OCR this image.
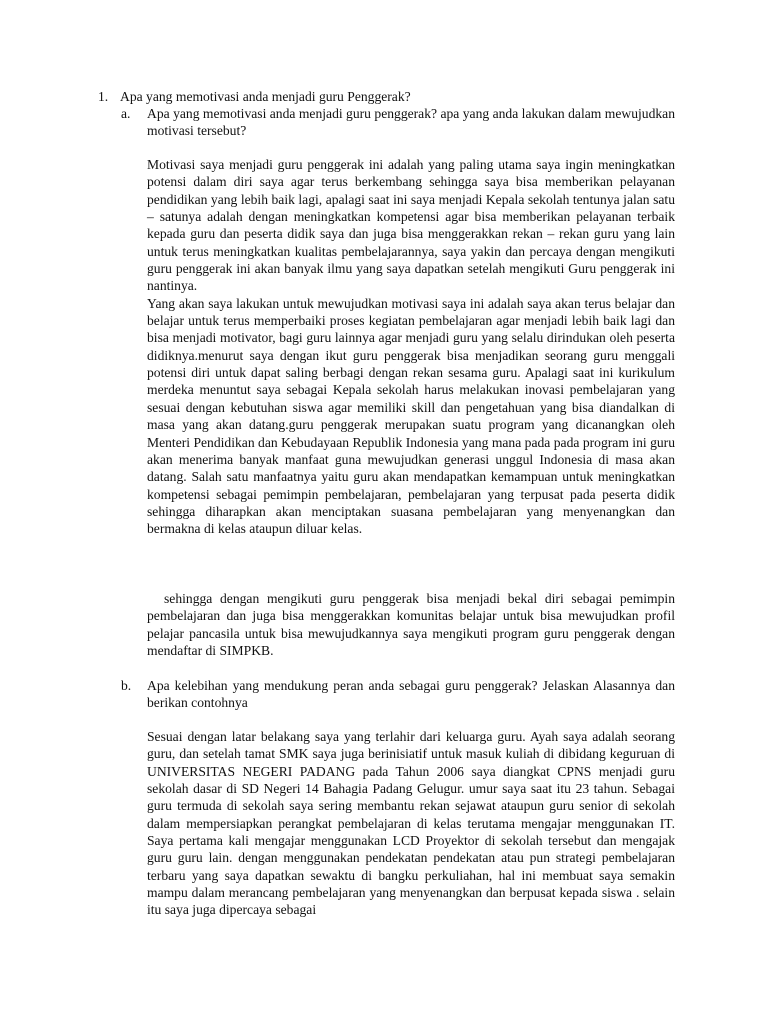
1. Apa yang memotivasi anda menjadi guru Penggerak?
a. Apa yang memotivasi anda menjadi guru penggerak? apa yang anda lakukan dalam mewujudkan motivasi tersebut?

Motivasi saya menjadi guru penggerak ini adalah yang paling utama saya ingin meningkatkan potensi dalam diri saya agar terus berkembang sehingga saya bisa memberikan pelayanan pendidikan yang lebih baik lagi, apalagi saat ini saya menjadi Kepala sekolah tentunya jalan satu – satunya adalah dengan meningkatkan kompetensi agar bisa memberikan pelayanan terbaik kepada guru dan peserta didik saya dan juga bisa menggerakkan rekan – rekan guru yang lain untuk terus meningkatkan kualitas pembelajarannya, saya yakin dan percaya dengan mengikuti guru penggerak ini akan banyak ilmu yang saya dapatkan setelah mengikuti Guru penggerak ini nantinya.

Yang akan saya lakukan untuk mewujudkan motivasi saya ini adalah saya akan terus belajar dan belajar untuk terus memperbaiki proses kegiatan pembelajaran agar menjadi lebih baik lagi dan bisa menjadi motivator, bagi guru lainnya agar menjadi guru yang selalu dirindukan oleh peserta didiknya.menurut saya dengan ikut guru penggerak bisa menjadikan seorang guru menggali potensi diri untuk dapat saling berbagi dengan rekan sesama guru. Apalagi saat ini kurikulum merdeka menuntut saya sebagai Kepala sekolah harus melakukan inovasi pembelajaran yang sesuai dengan kebutuhan siswa agar memiliki skill dan pengetahuan yang bisa diandalkan di masa yang akan datang.guru penggerak merupakan suatu program yang dicanangkan oleh Menteri Pendidikan dan Kebudayaan Republik Indonesia yang mana pada pada program ini guru akan menerima banyak manfaat guna mewujudkan generasi unggul Indonesia di masa akan datang. Salah satu manfaatnya yaitu guru akan mendapatkan kemampuan untuk meningkatkan kompetensi sebagai pemimpin pembelajaran, pembelajaran yang terpusat pada peserta didik sehingga diharapkan akan menciptakan suasana pembelajaran yang menyenangkan dan bermakna di kelas ataupun diluar kelas.

sehingga dengan mengikuti guru penggerak bisa menjadi bekal diri sebagai pemimpin pembelajaran dan juga bisa menggerakkan komunitas belajar untuk bisa mewujudkan profil pelajar pancasila untuk bisa mewujudkannya saya mengikuti program guru penggerak dengan mendaftar di SIMPKB.
b. Apa kelebihan yang mendukung peran anda sebagai guru penggerak? Jelaskan Alasannya dan berikan contohnya
Sesuai dengan latar belakang saya yang terlahir dari keluarga guru. Ayah saya adalah seorang guru, dan setelah tamat SMK saya juga berinisiatif untuk masuk kuliah di dibidang keguruan di UNIVERSITAS NEGERI PADANG pada Tahun 2006 saya diangkat CPNS menjadi guru sekolah dasar di SD Negeri 14 Bahagia Padang Gelugur. umur saya saat itu 23 tahun. Sebagai guru termuda di sekolah saya sering membantu rekan sejawat ataupun guru senior di sekolah dalam mempersiapkan perangkat pembelajaran di kelas terutama mengajar menggunakan IT. Saya pertama kali mengajar menggunakan LCD Proyektor di sekolah tersebut dan mengajak guru guru lain. dengan menggunakan pendekatan pendekatan atau pun strategi pembelajaran terbaru yang saya dapatkan sewaktu di bangku perkuliahan, hal ini membuat saya semakin mampu dalam merancang pembelajaran yang menyenangkan dan berpusat kepada siswa . selain itu saya juga dipercaya sebagai
